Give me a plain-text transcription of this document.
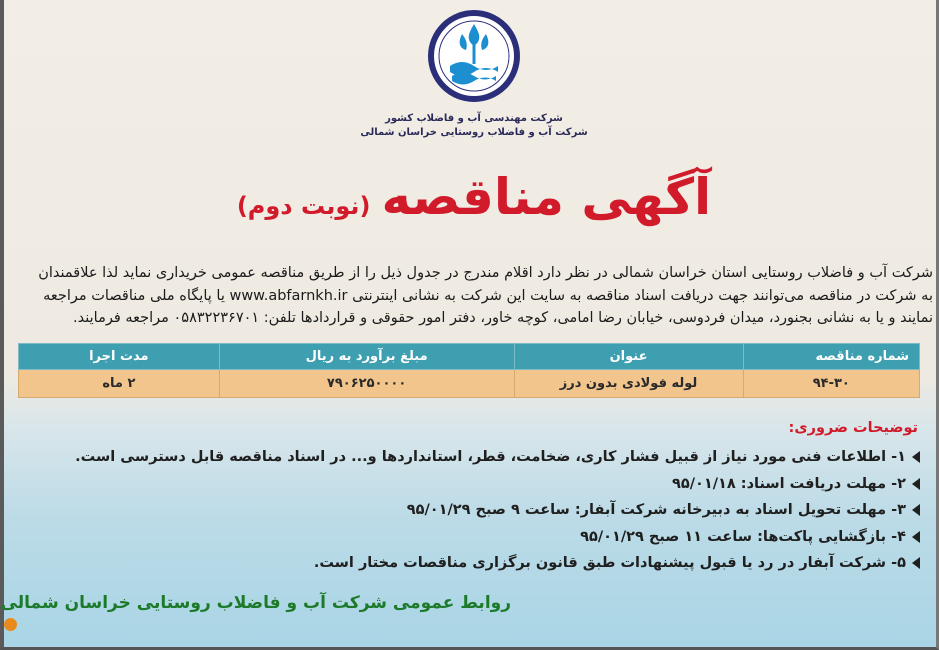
شرکت مهندسی آب و فاضلاب کشور
شرکت آب و فاضلاب روستایی خراسان شمالی
آگهی مناقصه (نوبت دوم)
شرکت آب و فاضلاب روستایی استان خراسان شمالی در نظر دارد اقلام مندرج در جدول ذیل را از طریق مناقصه عمومی خریداری نماید لذا علاقمندان
به شرکت در مناقصه می‌توانند جهت دریافت اسناد مناقصه به سایت این شرکت به نشانی اینترنتی www.abfarnkh.ir یا پایگاه ملی مناقصات مراجعه
نمایند و یا به نشانی بجنورد، میدان فردوسی، خیابان رضا امامی، کوچه خاور، دفتر امور حقوقی و قراردادها تلفن: ۰۵۸۳۲۲۳۶۷۰۱ مراجعه فرمایند.
شماره مناقصه	عنوان	مبلغ برآورد به ریال	مدت اجرا
۹۴-۳۰	لوله فولادی بدون درز	۷۹۰۶۲۵۰۰۰۰	۲ ماه
توضیحات ضروری:
۱- اطلاعات فنی مورد نیاز از قبیل فشار کاری، ضخامت، قطر، استانداردها و... در اسناد مناقصه قابل دسترسی است.
۲- مهلت دریافت اسناد: ۹۵/۰۱/۱۸
۳- مهلت تحویل اسناد به دبیرخانه شرکت آبفار: ساعت ۹ صبح ۹۵/۰۱/۲۹
۴- بازگشایی پاکت‌ها: ساعت ۱۱ صبح ۹۵/۰۱/۲۹
۵- شرکت آبفار در رد یا قبول پیشنهادات طبق قانون برگزاری مناقصات مختار است.
روابط عمومی شرکت آب و فاضلاب روستایی خراسان شمالی
